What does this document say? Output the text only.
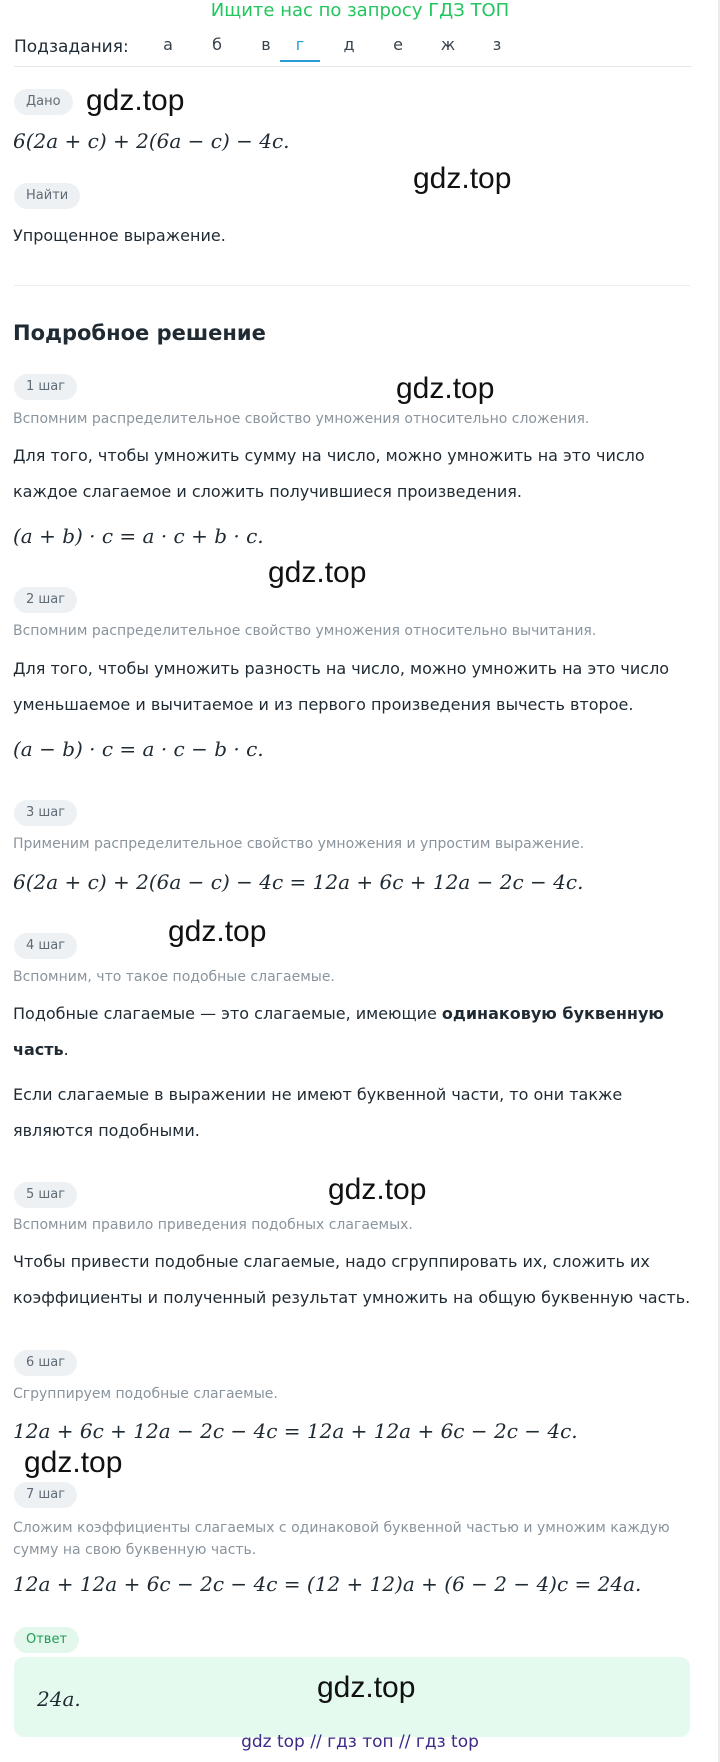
Ищите нас по запросу ГДЗ ТОП
Подзадания:	а	б	в	г	д	е	ж	з
Дано gdz.top
6(2a + c) + 2(6a − c) − 4c.
gdz.top
Найти
Упрощенное выражение.
Подробное решение
1 шаг	gdz.top
Вспомним распределительное свойство умножения относительно сложения.
Для того, чтобы умножить сумму на число, можно умножить на это число каждое слагаемое и сложить получившиеся произведения.
(a + b) · c = a · c + b · c.
gdz.top
2 шаг
Вспомним распределительное свойство умножения относительно вычитания.
Для того, чтобы умножить разность на число, можно умножить на это число уменьшаемое и вычитаемое и из первого произведения вычесть второе.
(a − b) · c = a · c − b · c.
3 шаг
Применим распределительное свойство умножения и упростим выражение.
6(2a + c) + 2(6a − c) − 4c = 12a + 6c + 12a − 2c − 4c.
gdz.top
4 шаг
Вспомним, что такое подобные слагаемые.
Подобные слагаемые — это слагаемые, имеющие одинаковую буквенную часть.
Если слагаемые в выражении не имеют буквенной части, то они также являются подобными.
gdz.top
5 шаг
Вспомним правило приведения подобных слагаемых.
Чтобы привести подобные слагаемые, надо сгруппировать их, сложить их коэффициенты и полученный результат умножить на общую буквенную часть.
6 шаг
Сгруппируем подобные слагаемые.
12a + 6c + 12a − 2c − 4c = 12a + 12a + 6c − 2c − 4c.
gdz.top
7 шаг
Сложим коэффициенты слагаемых с одинаковой буквенной частью и умножим каждую сумму на свою буквенную часть.
12a + 12a + 6c − 2c − 4c = (12 + 12)a + (6 − 2 − 4)c = 24a.
Ответ
24a.	gdz.top
gdz top // гдз топ // гдз top
